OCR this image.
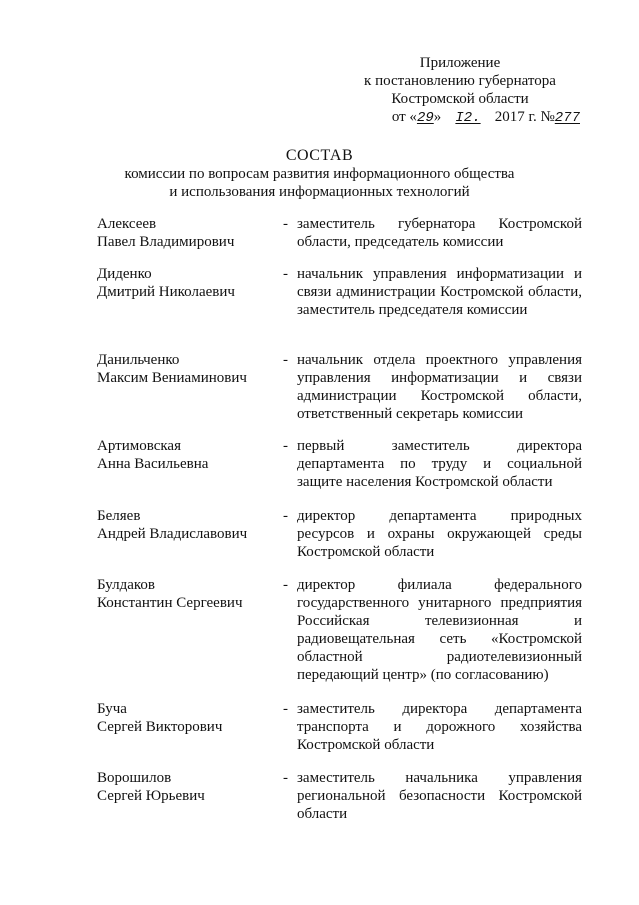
Приложение
к постановлению губернатора
Костромской области
от «29» I2. 2017 г. №277
СОСТАВ
комиссии по вопросам развития информационного общества
и использования информационных технологий
Алексеев
Павел Владимирович
- заместитель губернатора Костромской области, председатель комиссии
Диденко
Дмитрий Николаевич
- начальник управления информатизации и связи администрации Костромской области, заместитель председателя комиссии
Данильченко
Максим Вениаминович
- начальник отдела проектного управления управления информатизации и связи администрации Костромской области, ответственный секретарь комиссии
Артимовская
Анна Васильевна
- первый заместитель директора департамента по труду и социальной защите населения Костромской области
Беляев
Андрей Владиславович
- директор департамента природных ресурсов и охраны окружающей среды Костромской области
Булдаков
Константин Сергеевич
- директор филиала федерального государственного унитарного предприятия Российская телевизионная и радиовещательная сеть «Костромской областной радиотелевизионный передающий центр» (по согласованию)
Буча
Сергей Викторович
- заместитель директора департамента транспорта и дорожного хозяйства Костромской области
Ворошилов
Сергей Юрьевич
- заместитель начальника управления региональной безопасности Костромской области
